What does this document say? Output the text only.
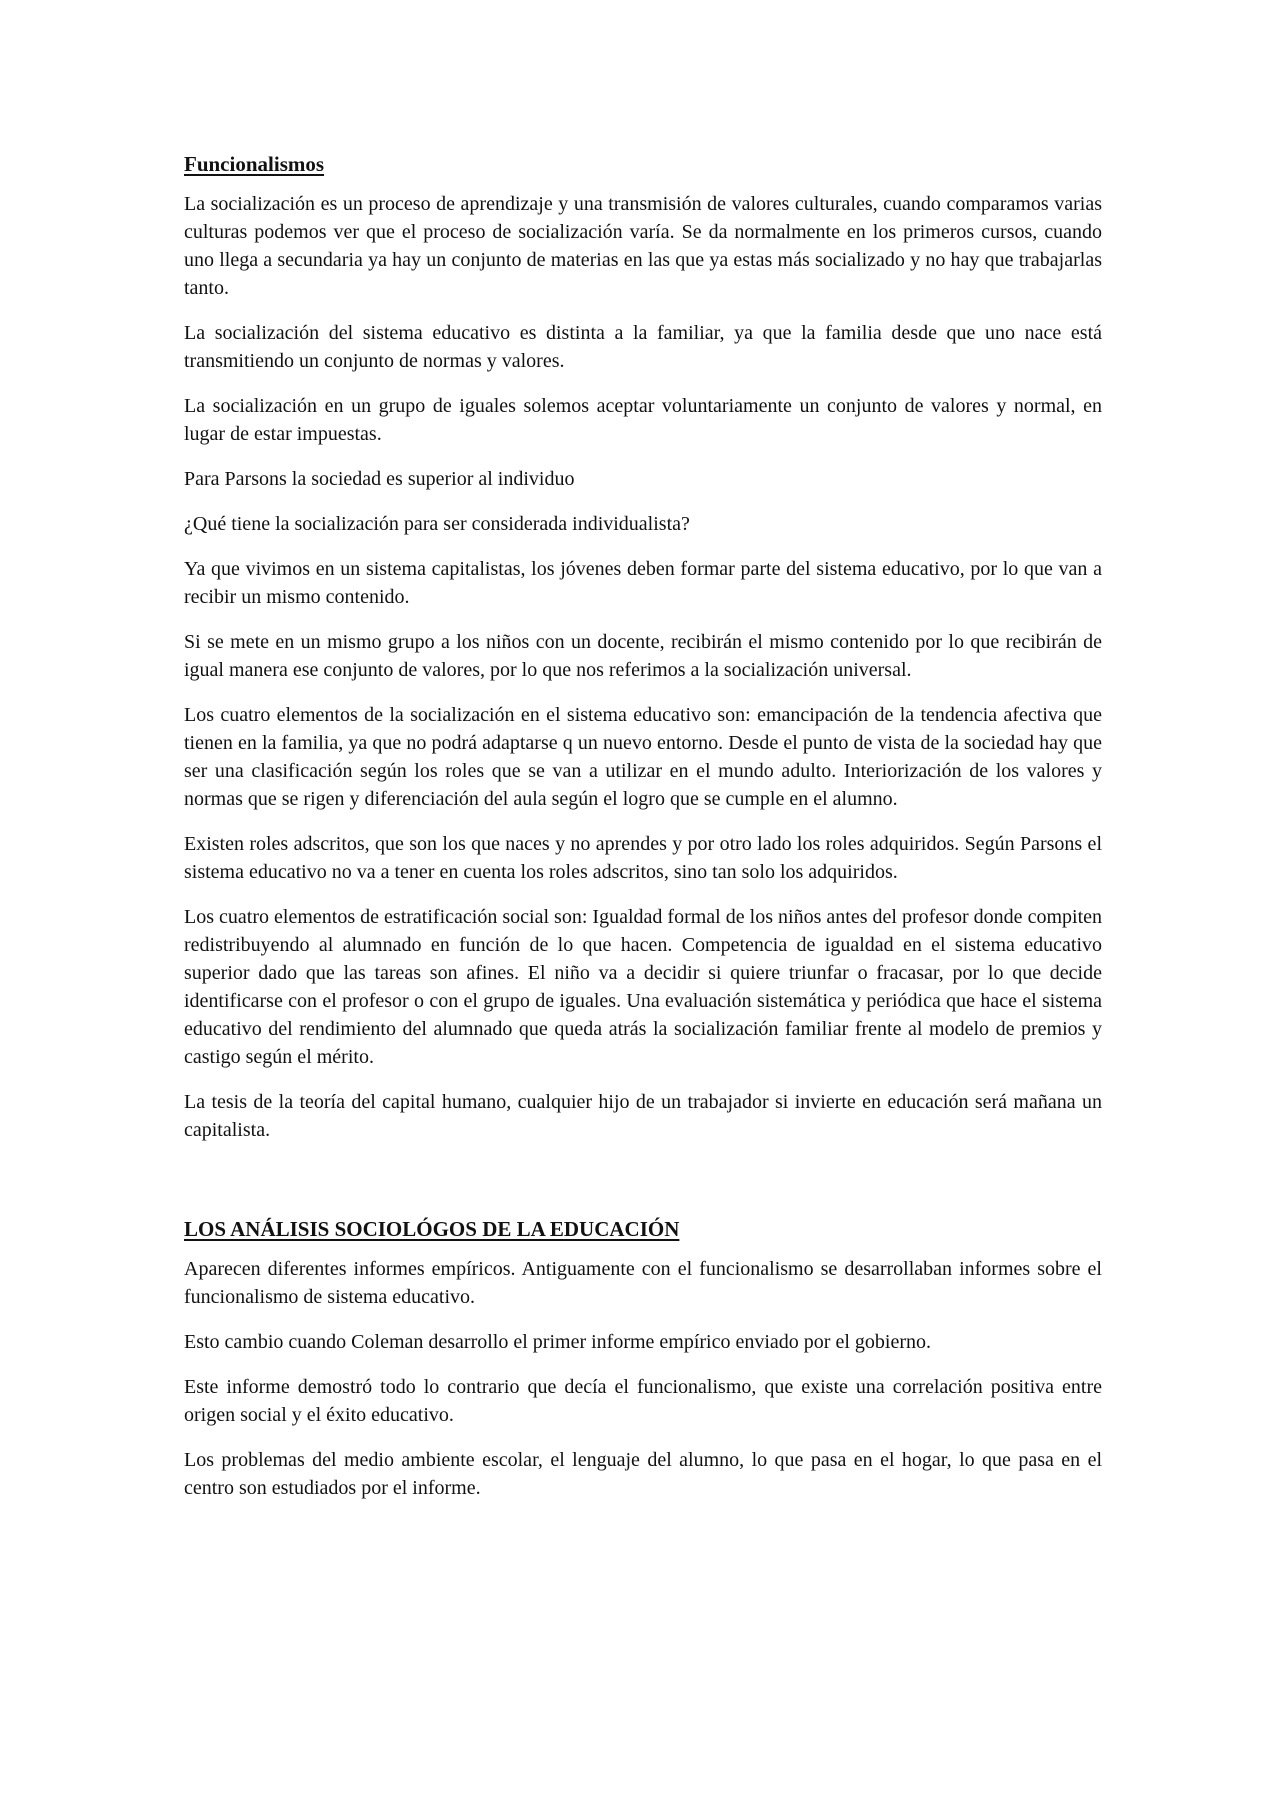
Funcionalismos

La socialización es un proceso de aprendizaje y una transmisión de valores culturales, cuando comparamos varias culturas podemos ver que el proceso de socialización varía. Se da normalmente en los primeros cursos, cuando uno llega a secundaria ya hay un conjunto de materias en las que ya estas más socializado y no hay que trabajarlas tanto.

La socialización del sistema educativo es distinta a la familiar, ya que la familia desde que uno nace está transmitiendo un conjunto de normas y valores.

La socialización en un grupo de iguales solemos aceptar voluntariamente un conjunto de valores y normal, en lugar de estar impuestas.

Para Parsons la sociedad es superior al individuo

¿Qué tiene la socialización para ser considerada individualista?

Ya que vivimos en un sistema capitalistas, los jóvenes deben formar parte del sistema educativo, por lo que van a recibir un mismo contenido.

Si se mete en un mismo grupo a los niños con un docente, recibirán el mismo contenido por lo que recibirán de igual manera ese conjunto de valores, por lo que nos referimos a la socialización universal.

Los cuatro elementos de la socialización en el sistema educativo son: emancipación de la tendencia afectiva que tienen en la familia, ya que no podrá adaptarse q un nuevo entorno. Desde el punto de vista de la sociedad hay que ser una clasificación según los roles que se van a utilizar en el mundo adulto. Interiorización de los valores y normas que se rigen y diferenciación del aula según el logro que se cumple en el alumno.

Existen roles adscritos, que son los que naces y no aprendes y por otro lado los roles adquiridos. Según Parsons el sistema educativo no va a tener en cuenta los roles adscritos, sino tan solo los adquiridos.

Los cuatro elementos de estratificación social son: Igualdad formal de los niños antes del profesor donde compiten redistribuyendo al alumnado en función de lo que hacen. Competencia de igualdad en el sistema educativo superior dado que las tareas son afines. El niño va a decidir si quiere triunfar o fracasar, por lo que decide identificarse con el profesor o con el grupo de iguales. Una evaluación sistemática y periódica que hace el sistema educativo del rendimiento del alumnado que queda atrás la socialización familiar frente al modelo de premios y castigo según el mérito.

La tesis de la teoría del capital humano, cualquier hijo de un trabajador si invierte en educación será mañana un capitalista.

LOS ANÁLISIS SOCIOLÓGOS DE LA EDUCACIÓN

Aparecen diferentes informes empíricos. Antiguamente con el funcionalismo se desarrollaban informes sobre el funcionalismo de sistema educativo.

Esto cambio cuando Coleman desarrollo el primer informe empírico enviado por el gobierno.

Este informe demostró todo lo contrario que decía el funcionalismo, que existe una correlación positiva entre origen social y el éxito educativo.

Los problemas del medio ambiente escolar, el lenguaje del alumno, lo que pasa en el hogar, lo que pasa en el centro son estudiados por el informe.
